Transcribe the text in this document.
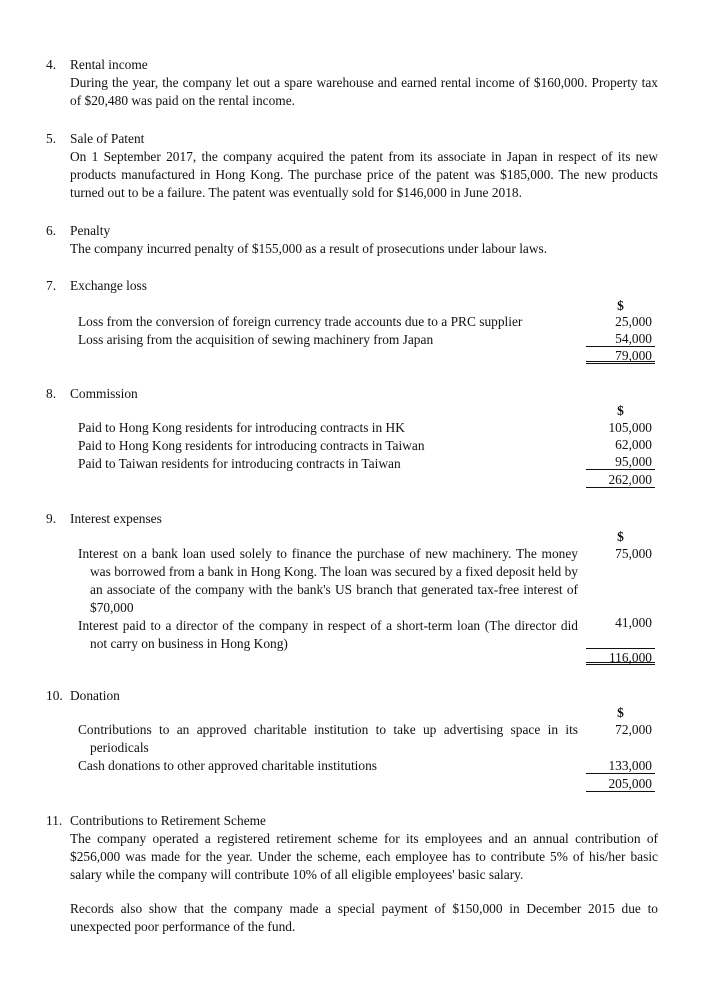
4. Rental income
During the year, the company let out a spare warehouse and earned rental income of $160,000. Property tax of $20,480 was paid on the rental income.
5. Sale of Patent
On 1 September 2017, the company acquired the patent from its associate in Japan in respect of its new products manufactured in Hong Kong. The purchase price of the patent was $185,000. The new products turned out to be a failure. The patent was eventually sold for $146,000 in June 2018.
6. Penalty
The company incurred penalty of $155,000 as a result of prosecutions under labour laws.
7. Exchange loss
$
Loss from the conversion of foreign currency trade accounts due to a PRC supplier
Loss arising from the acquisition of sewing machinery from Japan
25,000
54,000
79,000
8. Commission
$
Paid to Hong Kong residents for introducing contracts in HK
Paid to Hong Kong residents for introducing contracts in Taiwan
Paid to Taiwan residents for introducing contracts in Taiwan
105,000
62,000
95,000
262,000
9. Interest expenses
$
Interest on a bank loan used solely to finance the purchase of new machinery. The money was borrowed from a bank in Hong Kong. The loan was secured by a fixed deposit held by an associate of the company with the bank's US branch that generated tax-free interest of $70,000
Interest paid to a director of the company in respect of a short-term loan (The director did not carry on business in Hong Kong)
75,000
41,000
116,000
10. Donation
$
Contributions to an approved charitable institution to take up advertising space in its periodicals
Cash donations to other approved charitable institutions
72,000
133,000
205,000
11. Contributions to Retirement Scheme
The company operated a registered retirement scheme for its employees and an annual contribution of $256,000 was made for the year. Under the scheme, each employee has to contribute 5% of his/her basic salary while the company will contribute 10% of all eligible employees' basic salary.
Records also show that the company made a special payment of $150,000 in December 2015 due to unexpected poor performance of the fund.
